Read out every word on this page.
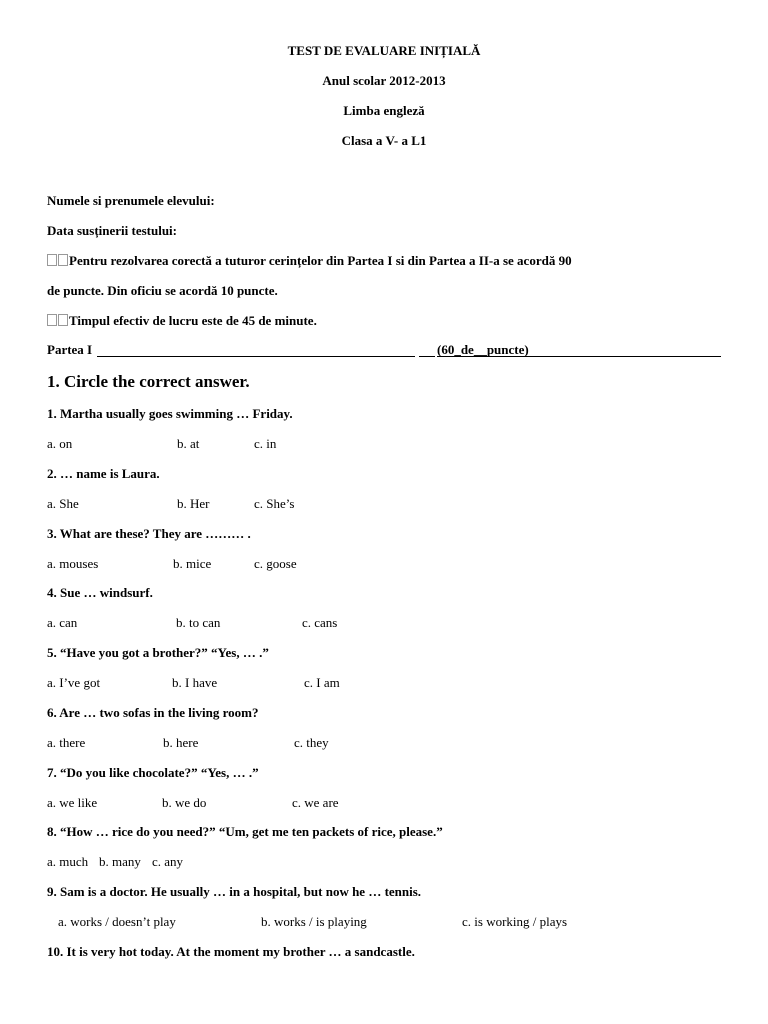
TEST DE EVALUARE INIȚIALĂ
Anul scolar 2012-2013
Limba engleză
Clasa a V- a L1
Numele si prenumele elevului:
Data susținerii testului:
Pentru rezolvarea corectă a tuturor cerințelor din Partea I si din Partea a II-a se acordă 90
de puncte. Din oficiu se acordă 10 puncte.
Timpul efectiv de lucru este de 45 de minute.
Partea I	(60_de__puncte)
1. Circle the correct answer.
1. Martha usually goes swimming … Friday.
a. on	b. at	c. in
2. … name is Laura.
a. She	b. Her	c. She’s
3. What are these? They are ……… .
a. mouses	b. mice	c. goose
4. Sue … windsurf.
a. can	b. to can	c. cans
5. “Have you got a brother?” “Yes, … .”
a. I’ve got	b. I have	c. I am
6. Are … two sofas in the living room?
a. there	b. here	c. they
7. “Do you like chocolate?” “Yes, … .”
a. we like	b. we do	c. we are
8. “How … rice do you need?” “Um, get me ten packets of rice, please.”
a. much b. many c. any
9. Sam is a doctor. He usually … in a hospital, but now he … tennis.
a. works / doesn’t play	b. works / is playing	c. is working / plays
10. It is very hot today. At the moment my brother … a sandcastle.
